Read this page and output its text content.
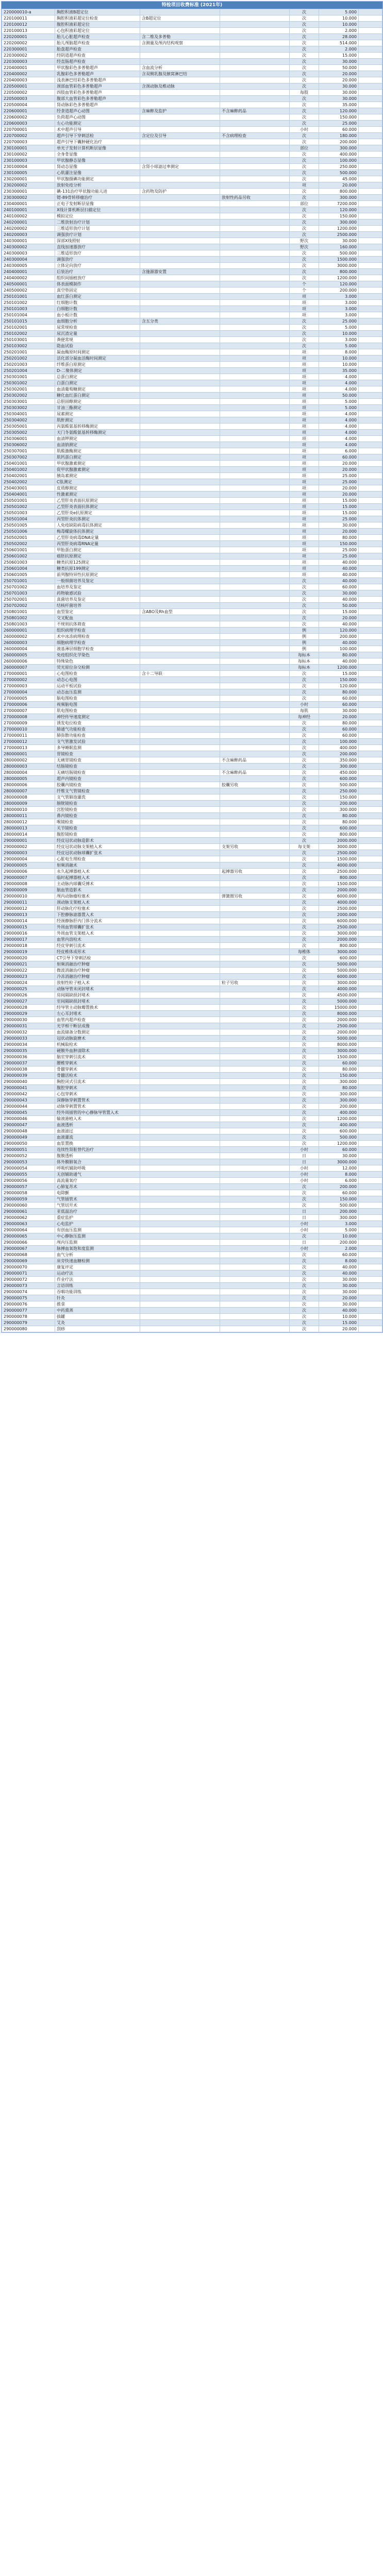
特检项目收费标准 (2021年)
220000010-a	胸腔积液B超定位			次	5.000	
220100011	胸腔积液彩超定位检查	含B超定位		次	10.000	
220100012	腹腔积液彩超定位			次	10.000	
220100013	心包积液彩超定位			次	2.000	
220200001	胎儿心脏超声检查	含二维及多普勒		次	28.000	
220200002	胎儿颅脑超声检查	含测量及颅内结构观察		次	514.000	
220300001	胎盘超声检查			次	2.000	
220300002	经阴道超声检查			次	15.000	
220300003	经直肠超声检查			次	30.000	
220400001	甲状腺彩色多普勒超声	含血流分析		次	50.000	
220400002	乳腺彩色多普勒超声	含双侧乳腺及腋窝淋巴结		次	20.000	
220400003	浅表淋巴结彩色多普勒超声			次	20.000	
220500001	颈部血管彩色多普勒超声	含颈动脉及椎动脉		次	30.000	
220500002	四肢血管彩色多普勒超声			每肢	30.000	
220500003	腹部大血管彩色多普勒超声			次	30.000	
220500004	肾动脉彩色多普勒超声			次	35.000	
220600001	经食道超声心动图	含麻醉及监护	不含麻醉药品	次	120.000	
220600002	负荷超声心动图			次	150.000	
220600003	左心功能测定			次	25.000	
220700001	术中超声引导			小时	60.000	
220700002	超声引导下穿刺活检	含定位及引导	不含病理检查	次	180.000	
220700003	超声引导下囊肿硬化治疗			次	200.000	
230100001	单光子发射计算机断层显像			部位	300.000	
230100002	全身骨显像			次	400.000	
230100003	甲状腺静态显像			次	100.000	
230100004	肾动态显像	含肾小球滤过率测定		次	250.000	
230100005	心肌灌注显像			次	500.000	
230200001	甲状腺摄碘功能测定			次	45.000	
230200002	放射免疫分析			项	20.000	
230300001	碘-131治疗甲状腺功能亢进	含药物及防护		次	800.000	
230300002	锶-89骨转移瘤治疗		放射性药品另收	次	300.000	
230400001	正电子发射断层显像			部位	7200.000	
240100001	X线计算机断层扫描定位			次	120.000	
240100002	模拟定位			次	150.000	
240200001	二维放射治疗计划			次	300.000	
240200002	三维适形放疗计划			次	1200.000	
240200003	调强放疗计划			次	2500.000	
240300001	深部X线照射			野次	30.000	
240300002	直线加速器放疗			野次	160.000	
240300003	三维适形放疗			次	500.000	
240300004	调强放疗			次	1500.000	
240300005	立体定向放疗			次	3000.000	
240400001	后装治疗	含施源器安置		次	800.000	
240400002	组织间插植放疗			次	1200.000	
240500001	体表面模制作			个	120.000	
240500002	真空垫固定			个	200.000	
250101001	血红蛋白测定			项	3.000	
250101002	红细胞计数			项	3.000	
250101003	白细胞计数			项	3.000	
250101004	血小板计数			项	3.000	
250101015	血细胞分析	含五分类		次	25.000	
250102001	尿常规检查			次	5.000	
250102002	尿沉渣定量			次	10.000	
250103001	粪便常规			次	3.000	
250103002	隐血试验			次	5.000	
250201001	凝血酶原时间测定			项	8.000	
250201002	活化部分凝血活酶时间测定			项	10.000	
250201003	纤维蛋白原测定			项	10.000	
250201004	D-二聚体测定			项	35.000	
250301001	总蛋白测定			项	4.000	
250301002	白蛋白测定			项	4.000	
250302001	血清葡萄糖测定			项	4.000	
250302002	糖化血红蛋白测定			项	50.000	
250303001	总胆固醇测定			项	5.000	
250303002	甘油三酯测定			项	5.000	
250304001	尿素测定			项	4.000	
250304002	肌酐测定			项	4.000	
250305001	丙氨酸氨基转移酶测定			项	4.000	
250305002	天门冬氨酸氨基转移酶测定			项	4.000	
250306001	血清钾测定			项	4.000	
250306002	血清钠测定			项	4.000	
250307001	肌酸激酶测定			项	6.000	
250307002	肌钙蛋白测定			项	60.000	
250401001	甲状腺激素测定			项	20.000	
250401002	促甲状腺激素测定			项	20.000	
250402001	胰岛素测定			项	25.000	
250402002	C肽测定			项	25.000	
250403001	皮质醇测定			项	20.000	
250404001	性激素测定			项	20.000	
250501001	乙型肝炎表面抗原测定			项	15.000	
250501002	乙型肝炎表面抗体测定			项	15.000	
250501003	乙型肝炎e抗原测定			项	15.000	
250501004	丙型肝炎抗体测定			项	25.000	
250501005	人免疫缺陷病毒抗体测定			项	30.000	
250501006	梅毒螺旋体抗体测定			项	20.000	
250502001	乙型肝炎病毒DNA定量			项	80.000	
250502002	丙型肝炎病毒RNA定量			项	150.000	
250601001	甲胎蛋白测定			项	25.000	
250601002	癌胚抗原测定			项	25.000	
250601003	糖类抗原125测定			项	40.000	
250601004	糖类抗原199测定			项	40.000	
250601005	前列腺特异性抗原测定			项	40.000	
250701001	一般细菌培养及鉴定			次	40.000	
250701002	血培养及鉴定			次	60.000	
250701003	药物敏感试验			次	30.000	
250702001	真菌培养及鉴定			次	40.000	
250702002	结核杆菌培养			次	50.000	
250801001	血型鉴定	含ABO及Rh血型		次	15.000	
250801002	交叉配血			次	20.000	
250801003	不规则抗体筛查			次	40.000	
260000001	组织病理学检查			例	120.000	
260000002	术中冰冻病理检查			例	200.000	
260000003	细胞病理学检查			例	40.000	
260000004	液基薄层细胞学检查			例	100.000	
260000005	免疫组织化学染色			每标本	80.000	
260000006	特殊染色			每标本	40.000	
260000007	荧光原位杂交检测			每标本	1200.000	
270000001	心电图检查	含十二导联		次	15.000	
270000002	动态心电图			次	150.000	
270000003	运动平板试验			次	120.000	
270000004	动态血压监测			次	80.000	
270000005	脑电图检查			次	60.000	
270000006	视频脑电图			小时	60.000	
270000007	肌电图检查			每肌	30.000	
270000008	神经传导速度测定			每神经	20.000	
270000009	诱发电位检查			次	80.000	
270000010	肺通气功能检查			次	60.000	
270000011	肺弥散功能检查			次	60.000	
270000012	支气管激发试验			次	100.000	
270000013	多导睡眠监测			次	400.000	
280000001	胃镜检查			次	200.000	
280000002	无痛胃镜检查		不含麻醉药品	次	350.000	
280000003	结肠镜检查			次	300.000	
280000004	无痛结肠镜检查		不含麻醉药品	次	450.000	
280000005	超声内镜检查			次	600.000	
280000006	胶囊内镜检查		胶囊另收	次	500.000	
280000007	纤维支气管镜检查			次	250.000	
280000008	支气管肺泡灌洗			次	150.000	
280000009	膀胱镜检查			次	200.000	
280000010	宫腔镜检查			次	300.000	
280000011	鼻内镜检查			次	80.000	
280000012	喉镜检查			次	80.000	
280000013	关节镜检查			次	600.000	
280000014	腹腔镜检查			次	800.000	
290000001	经皮冠状动脉造影术			次	2000.000	
290000002	经皮冠状动脉支架植入术		支架另收	每支架	3000.000	
290000003	经皮冠状动脉球囊扩张术			次	2500.000	
290000004	心脏电生理检查			次	1500.000	
290000005	射频消融术			次	4000.000	
290000006	永久起搏器植入术		起搏器另收	次	2500.000	
290000007	临时起搏器植入术			次	800.000	
290000008	主动脉内球囊反搏术			次	1500.000	
290000009	脑血管造影术			次	2000.000	
290000010	颅内动脉瘤栓塞术		弹簧圈另收	次	6000.000	
290000011	颈动脉支架植入术			次	4000.000	
290000012	肝动脉化疗栓塞术			次	2500.000	
290000013	下腔静脉滤器置入术			次	2000.000	
290000014	经颈静脉肝内门体分流术			次	6000.000	
290000015	外周血管球囊扩张术			次	2500.000	
290000016	外周血管支架植入术			次	3000.000	
290000017	血管内溶栓术			次	2000.000	
290000018	经皮穿刺引流术			次	800.000	
290000019	经皮椎体成形术			每椎体	3000.000	
290000020	CT引导下穿刺活检			次	600.000	
290000021	射频消融治疗肿瘤			次	5000.000	
290000022	微波消融治疗肿瘤			次	5000.000	
290000023	冷冻消融治疗肿瘤			次	6000.000	
290000024	放射性粒子植入术		粒子另收	次	3000.000	
290000025	动脉导管未闭封堵术			次	4000.000	
290000026	房间隔缺损封堵术			次	4500.000	
290000027	室间隔缺损封堵术			次	5000.000	
290000028	经导管主动脉瓣置换术			次	15000.000	
290000029	左心耳封堵术			次	8000.000	
290000030	血管内超声检查			次	2000.000	
290000031	光学相干断层成像			次	2500.000	
290000032	血流储备分数测定			次	2000.000	
290000033	冠状动脉旋磨术			次	5000.000	
290000034	机械取栓术			次	8000.000	
290000035	硬膜外血肿清除术			次	3000.000	
290000036	脑室穿刺引流术			次	1500.000	
290000037	腰椎穿刺术			次	60.000	
290000038	骨髓穿刺术			次	80.000	
290000039	骨髓活检术			次	150.000	
290000040	胸腔闭式引流术			次	300.000	
290000041	腹腔穿刺术			次	80.000	
290000042	心包穿刺术			次	300.000	
290000043	深静脉穿刺置管术			次	300.000	
290000044	动脉穿刺置管术			次	200.000	
290000045	经外周插管的中心静脉导管置入术			次	400.000	
290000046	输液港植入术			次	1200.000	
290000047	血液透析			次	400.000	
290000048	血液滤过			次	600.000	
290000049	血液灌流			次	500.000	
290000050	血浆置换			次	1200.000	
290000051	连续性肾脏替代治疗			小时	60.000	
290000052	腹膜透析			日	30.000	
290000053	体外膜肺氧合			日	3000.000	
290000054	呼吸机辅助呼吸			小时	12.000	
290000055	无创辅助通气			小时	8.000	
290000056	高流量氧疗			小时	6.000	
290000057	心肺复苏术			次	200.000	
290000058	电除颤			次	60.000	
290000059	气管插管术			次	150.000	
290000060	气管切开术			次	500.000	
290000061	亚低温治疗			日	200.000	
290000062	重症监护			日	300.000	
290000063	心电监护			小时	3.000	
290000064	有创血压监测			小时	5.000	
290000065	中心静脉压监测			次	10.000	
290000066	颅内压监测			日	200.000	
290000067	脉搏血氧饱和度监测			小时	2.000	
290000068	血气分析			次	60.000	
290000069	床旁快速血糖检测			次	8.000	
290000070	康复评定			次	40.000	
290000071	运动疗法			次	40.000	
290000072	作业疗法			次	30.000	
290000073	言语训练			次	30.000	
290000074	吞咽功能训练			次	30.000	
290000075	针灸			次	20.000	
290000076	推拿			次	30.000	
290000077	中药熏蒸			次	40.000	
290000078	拔罐			次	10.000	
290000079	艾灸			次	15.000	
290000080	刮痧			次	20.000	
